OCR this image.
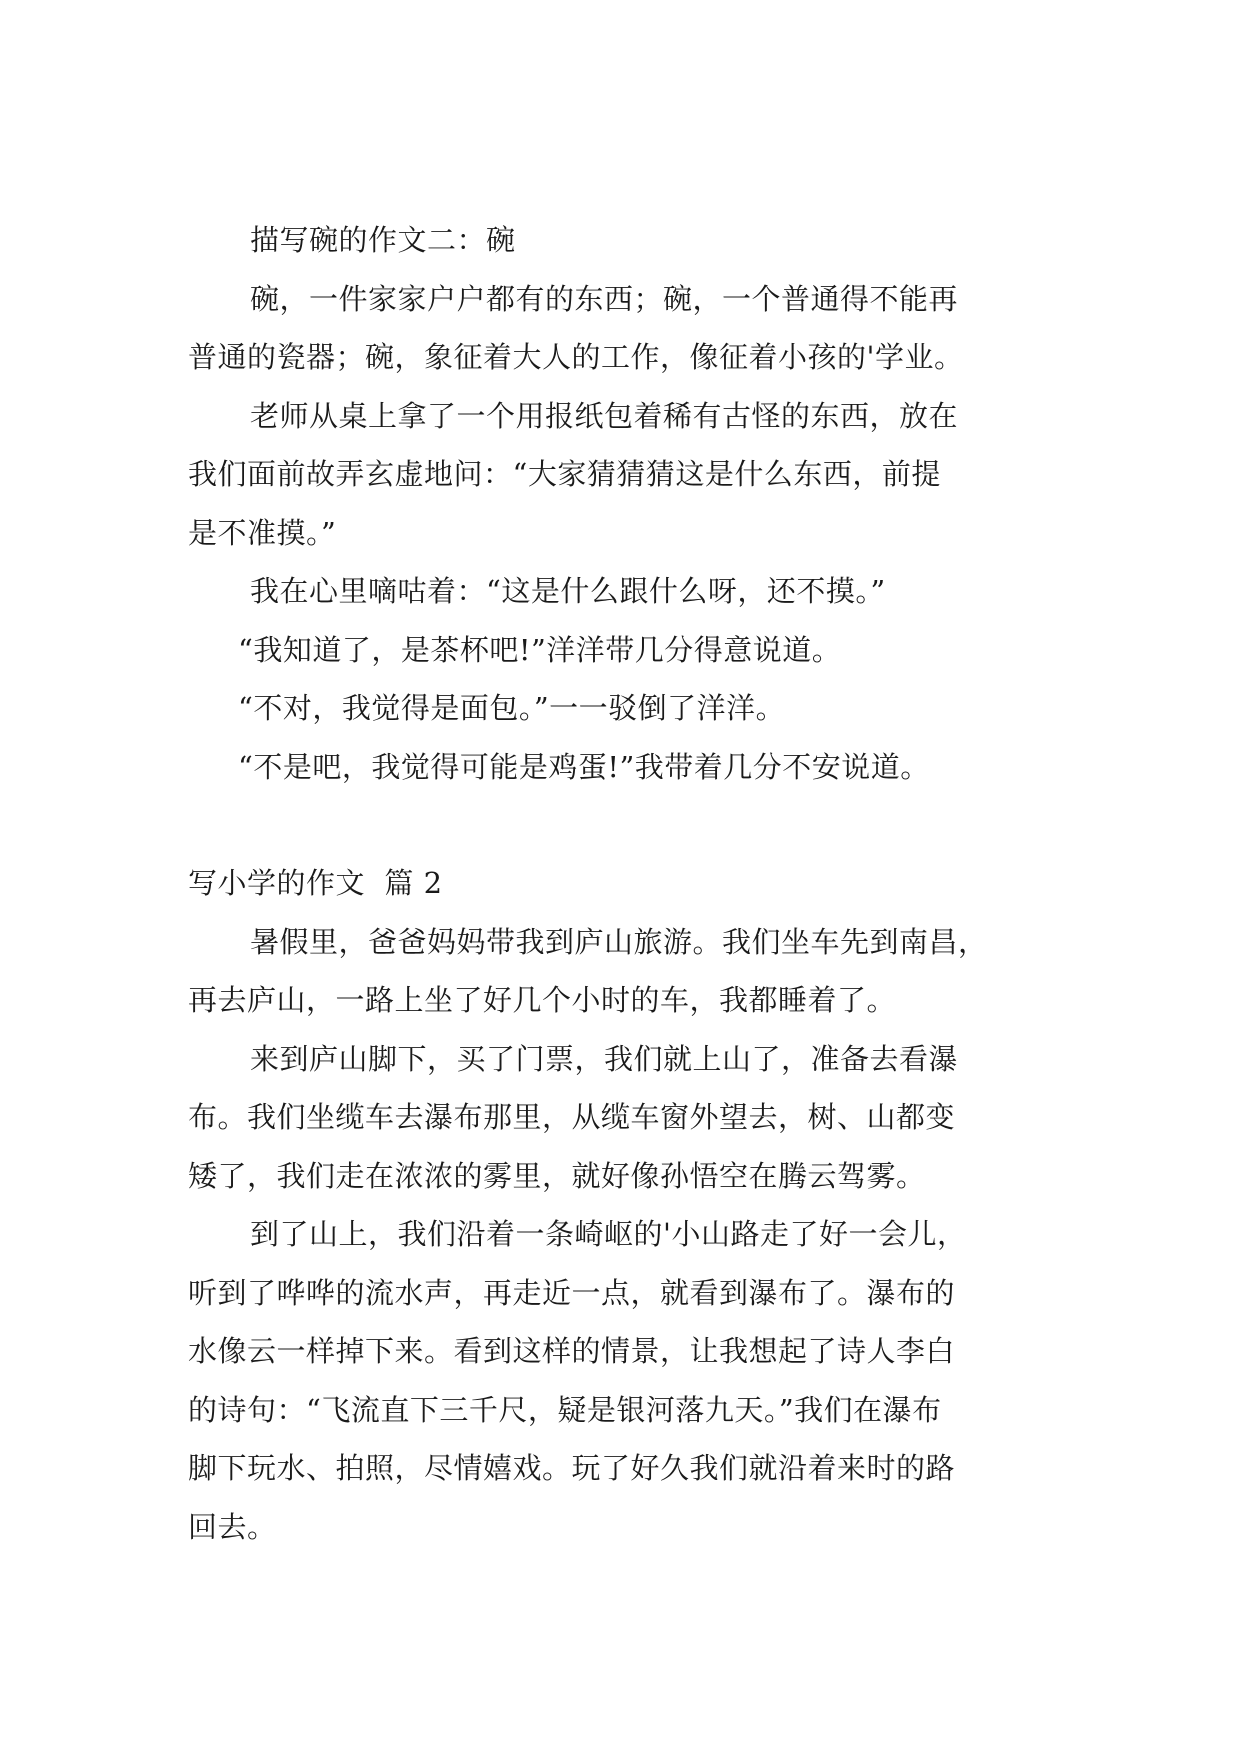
描写碗的作文二：碗
碗，一件家家户户都有的东西；碗，一个普通得不能再
普通的瓷器；碗，象征着大人的工作，像征着小孩的'学业。
老师从桌上拿了一个用报纸包着稀有古怪的东西，放在
我们面前故弄玄虚地问：“大家猜猜猜这是什么东西，前提
是不准摸。”
我在心里嘀咕着：“这是什么跟什么呀，还不摸。”
“我知道了，是茶杯吧!”洋洋带几分得意说道。
“不对，我觉得是面包。”一一驳倒了洋洋。
“不是吧，我觉得可能是鸡蛋!”我带着几分不安说道。
写小学的作文  篇 2
暑假里，爸爸妈妈带我到庐山旅游。我们坐车先到南昌，
再去庐山，一路上坐了好几个小时的车，我都睡着了。
来到庐山脚下，买了门票，我们就上山了，准备去看瀑
布。我们坐缆车去瀑布那里，从缆车窗外望去，树、山都变
矮了，我们走在浓浓的雾里，就好像孙悟空在腾云驾雾。
到了山上，我们沿着一条崎岖的'小山路走了好一会儿，
听到了哗哗的流水声，再走近一点，就看到瀑布了。瀑布的
水像云一样掉下来。看到这样的情景，让我想起了诗人李白
的诗句：“飞流直下三千尺，疑是银河落九天。”我们在瀑布
脚下玩水、拍照，尽情嬉戏。玩了好久我们就沿着来时的路
回去。
